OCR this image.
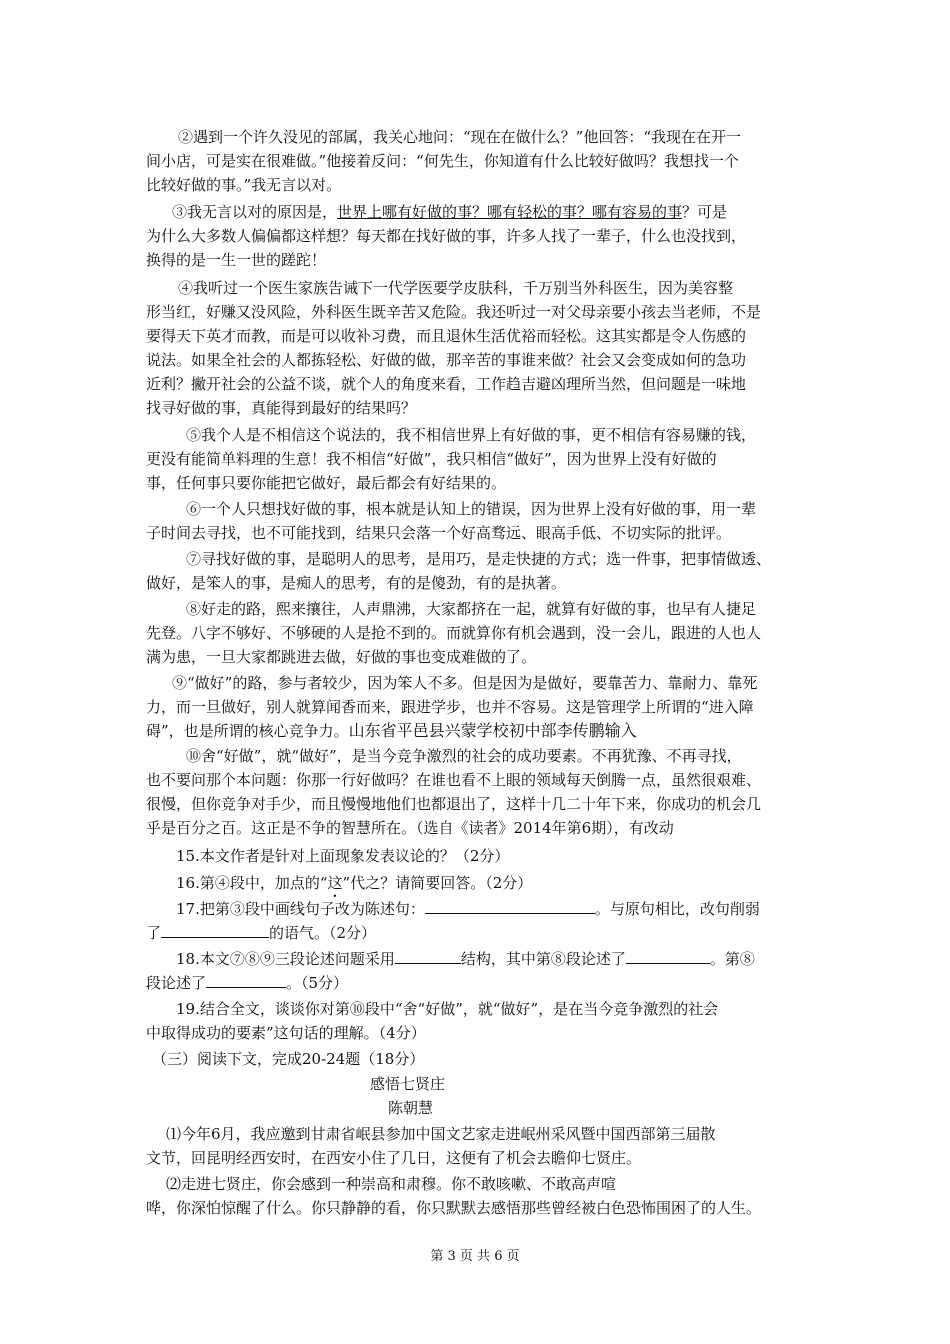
②遇到一个许久没见的部属，我关心地问：“现在在做什么？”他回答：“我现在在开一
间小店，可是实在很难做。”他接着反问：“何先生，你知道有什么比较好做吗？我想找一个
比较好做的事。”我无言以对。
③我无言以对的原因是，世界上哪有好做的事？哪有轻松的事？哪有容易的事？可是
为什么大多数人偏偏都这样想？每天都在找好做的事，许多人找了一辈子，什么也没找到，
换得的是一生一世的蹉跎！
④我听过一个医生家族告诫下一代学医要学皮肤科，千万别当外科医生，因为美容整
形当红，好赚又没风险，外科医生既辛苦又危险。我还听过一对父母亲要小孩去当老师，不是
要得天下英才而教，而是可以收补习费，而且退休生活优裕而轻松。这其实都是令人伤感的
说法。如果全社会的人都拣轻松、好做的做，那辛苦的事谁来做？社会又会变成如何的急功
近利？撇开社会的公益不谈，就个人的角度来看，工作趋吉避凶理所当然，但问题是一味地
找寻好做的事，真能得到最好的结果吗？
⑤我个人是不相信这个说法的，我不相信世界上有好做的事，更不相信有容易赚的钱，
更没有能简单料理的生意！我不相信“好做”，我只相信“做好”，因为世界上没有好做的
事，任何事只要你能把它做好，最后都会有好结果的。
⑥一个人只想找好做的事，根本就是认知上的错误，因为世界上没有好做的事，用一辈
子时间去寻找，也不可能找到，结果只会落一个好高骛远、眼高手低、不切实际的批评。
⑦寻找好做的事，是聪明人的思考，是用巧，是走快捷的方式；选一件事，把事情做透、
做好，是笨人的事，是痴人的思考，有的是傻劲，有的是执著。
⑧好走的路，熙来攘往，人声鼎沸，大家都挤在一起，就算有好做的事，也早有人捷足
先登。八字不够好、不够硬的人是抢不到的。而就算你有机会遇到，没一会儿，跟进的人也人
满为患，一旦大家都跳进去做，好做的事也变成难做的了。
⑨“做好”的路，参与者较少，因为笨人不多。但是因为是做好，要靠苦力、靠耐力、靠死
力，而一旦做好，别人就算闻香而来，跟进学步，也并不容易。这是管理学上所谓的“进入障
碍”，也是所谓的核心竞争力。山东省平邑县兴蒙学校初中部李传鹏输入
⑩舍“好做”，就“做好”，是当今竞争激烈的社会的成功要素。不再犹豫、不再寻找，
也不要问那个本问题：你那一行好做吗？在谁也看不上眼的领域每天倒腾一点，虽然很艰难、
很慢，但你竞争对手少，而且慢慢地他们也都退出了，这样十几二十年下来，你成功的机会几
乎是百分之百。这正是不争的智慧所在。（选自《读者》2014年第6期），有改动
15.本文作者是针对上面现象发表议论的？（2分）
16.第④段中，加点的“这”代之？请简要回答。（2分）
17.把第③段中画线句子改为陈述句：	。与原句相比，改句削弱
了	的语气。（2分）
18.本文⑦⑧⑨三段论述问题采用	结构，其中第⑧段论述了	。第⑧
段论述了	。（5分）
19.结合全文，谈谈你对第⑩段中“舍“好做”，就“做好”，是在当今竞争激烈的社会
中取得成功的要素”这句话的理解。（4分）
（三）阅读下文，完成20-24题（18分）
感悟七贤庄
陈朝慧
⑴今年6月，我应邀到甘肃省岷县参加中国文艺家走进岷州采风暨中国西部第三届散
文节，回昆明经西安时，在西安小住了几日，这便有了机会去瞻仰七贤庄。
⑵走进七贤庄，你会感到一种崇高和肃穆。你不敢咳嗽、不敢高声喧
哗，你深怕惊醒了什么。你只静静的看，你只默默去感悟那些曾经被白色恐怖围困了的人生。
第 3 页 共 6 页
